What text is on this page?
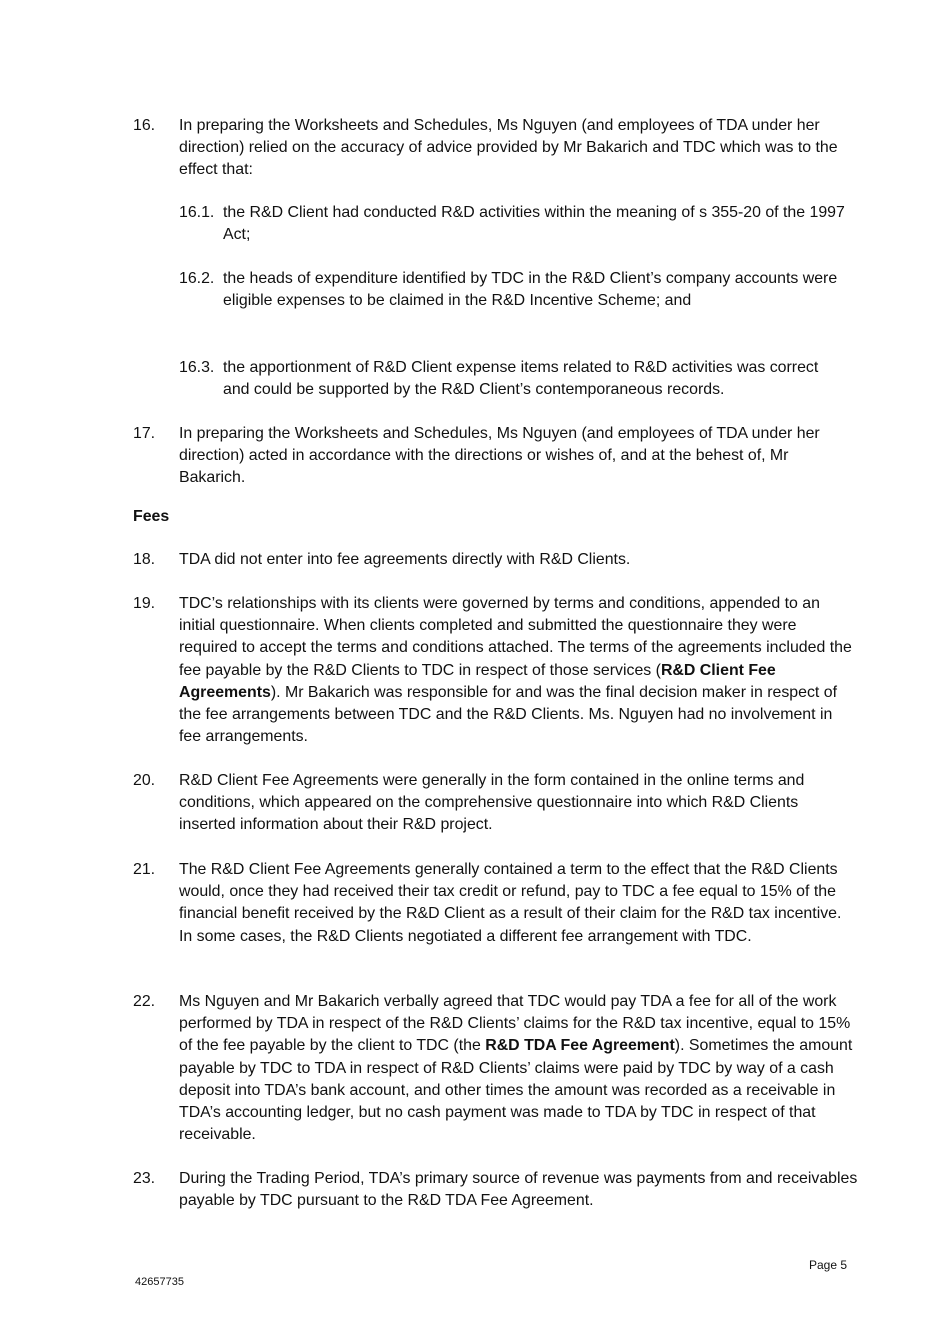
16.	In preparing the Worksheets and Schedules, Ms Nguyen (and employees of TDA under her direction) relied on the accuracy of advice provided by Mr Bakarich and TDC which was to the effect that:
16.1. the R&D Client had conducted R&D activities within the meaning of s 355-20 of the 1997 Act;
16.2. the heads of expenditure identified by TDC in the R&D Client’s company accounts were eligible expenses to be claimed in the R&D Incentive Scheme; and
16.3. the apportionment of R&D Client expense items related to R&D activities was correct and could be supported by the R&D Client’s contemporaneous records.
17.	In preparing the Worksheets and Schedules, Ms Nguyen (and employees of TDA under her direction) acted in accordance with the directions or wishes of, and at the behest of, Mr Bakarich.
Fees
18.	TDA did not enter into fee agreements directly with R&D Clients.
19.	TDC’s relationships with its clients were governed by terms and conditions, appended to an initial questionnaire. When clients completed and submitted the questionnaire they were required to accept the terms and conditions attached. The terms of the agreements included the fee payable by the R&D Clients to TDC in respect of those services (R&D Client Fee Agreements). Mr Bakarich was responsible for and was the final decision maker in respect of the fee arrangements between TDC and the R&D Clients. Ms. Nguyen had no involvement in fee arrangements.
20.	R&D Client Fee Agreements were generally in the form contained in the online terms and conditions, which appeared on the comprehensive questionnaire into which R&D Clients inserted information about their R&D project.
21.	The R&D Client Fee Agreements generally contained a term to the effect that the R&D Clients would, once they had received their tax credit or refund, pay to TDC a fee equal to 15% of the financial benefit received by the R&D Client as a result of their claim for the R&D tax incentive. In some cases, the R&D Clients negotiated a different fee arrangement with TDC.
22.	Ms Nguyen and Mr Bakarich verbally agreed that TDC would pay TDA a fee for all of the work performed by TDA in respect of the R&D Clients’ claims for the R&D tax incentive, equal to 15% of the fee payable by the client to TDC (the R&D TDA Fee Agreement). Sometimes the amount payable by TDC to TDA in respect of R&D Clients’ claims were paid by TDC by way of a cash deposit into TDA’s bank account, and other times the amount was recorded as a receivable in TDA’s accounting ledger, but no cash payment was made to TDA by TDC in respect of that receivable.
23.	During the Trading Period, TDA’s primary source of revenue was payments from and receivables payable by TDC pursuant to the R&D TDA Fee Agreement.
Page 5
42657735
